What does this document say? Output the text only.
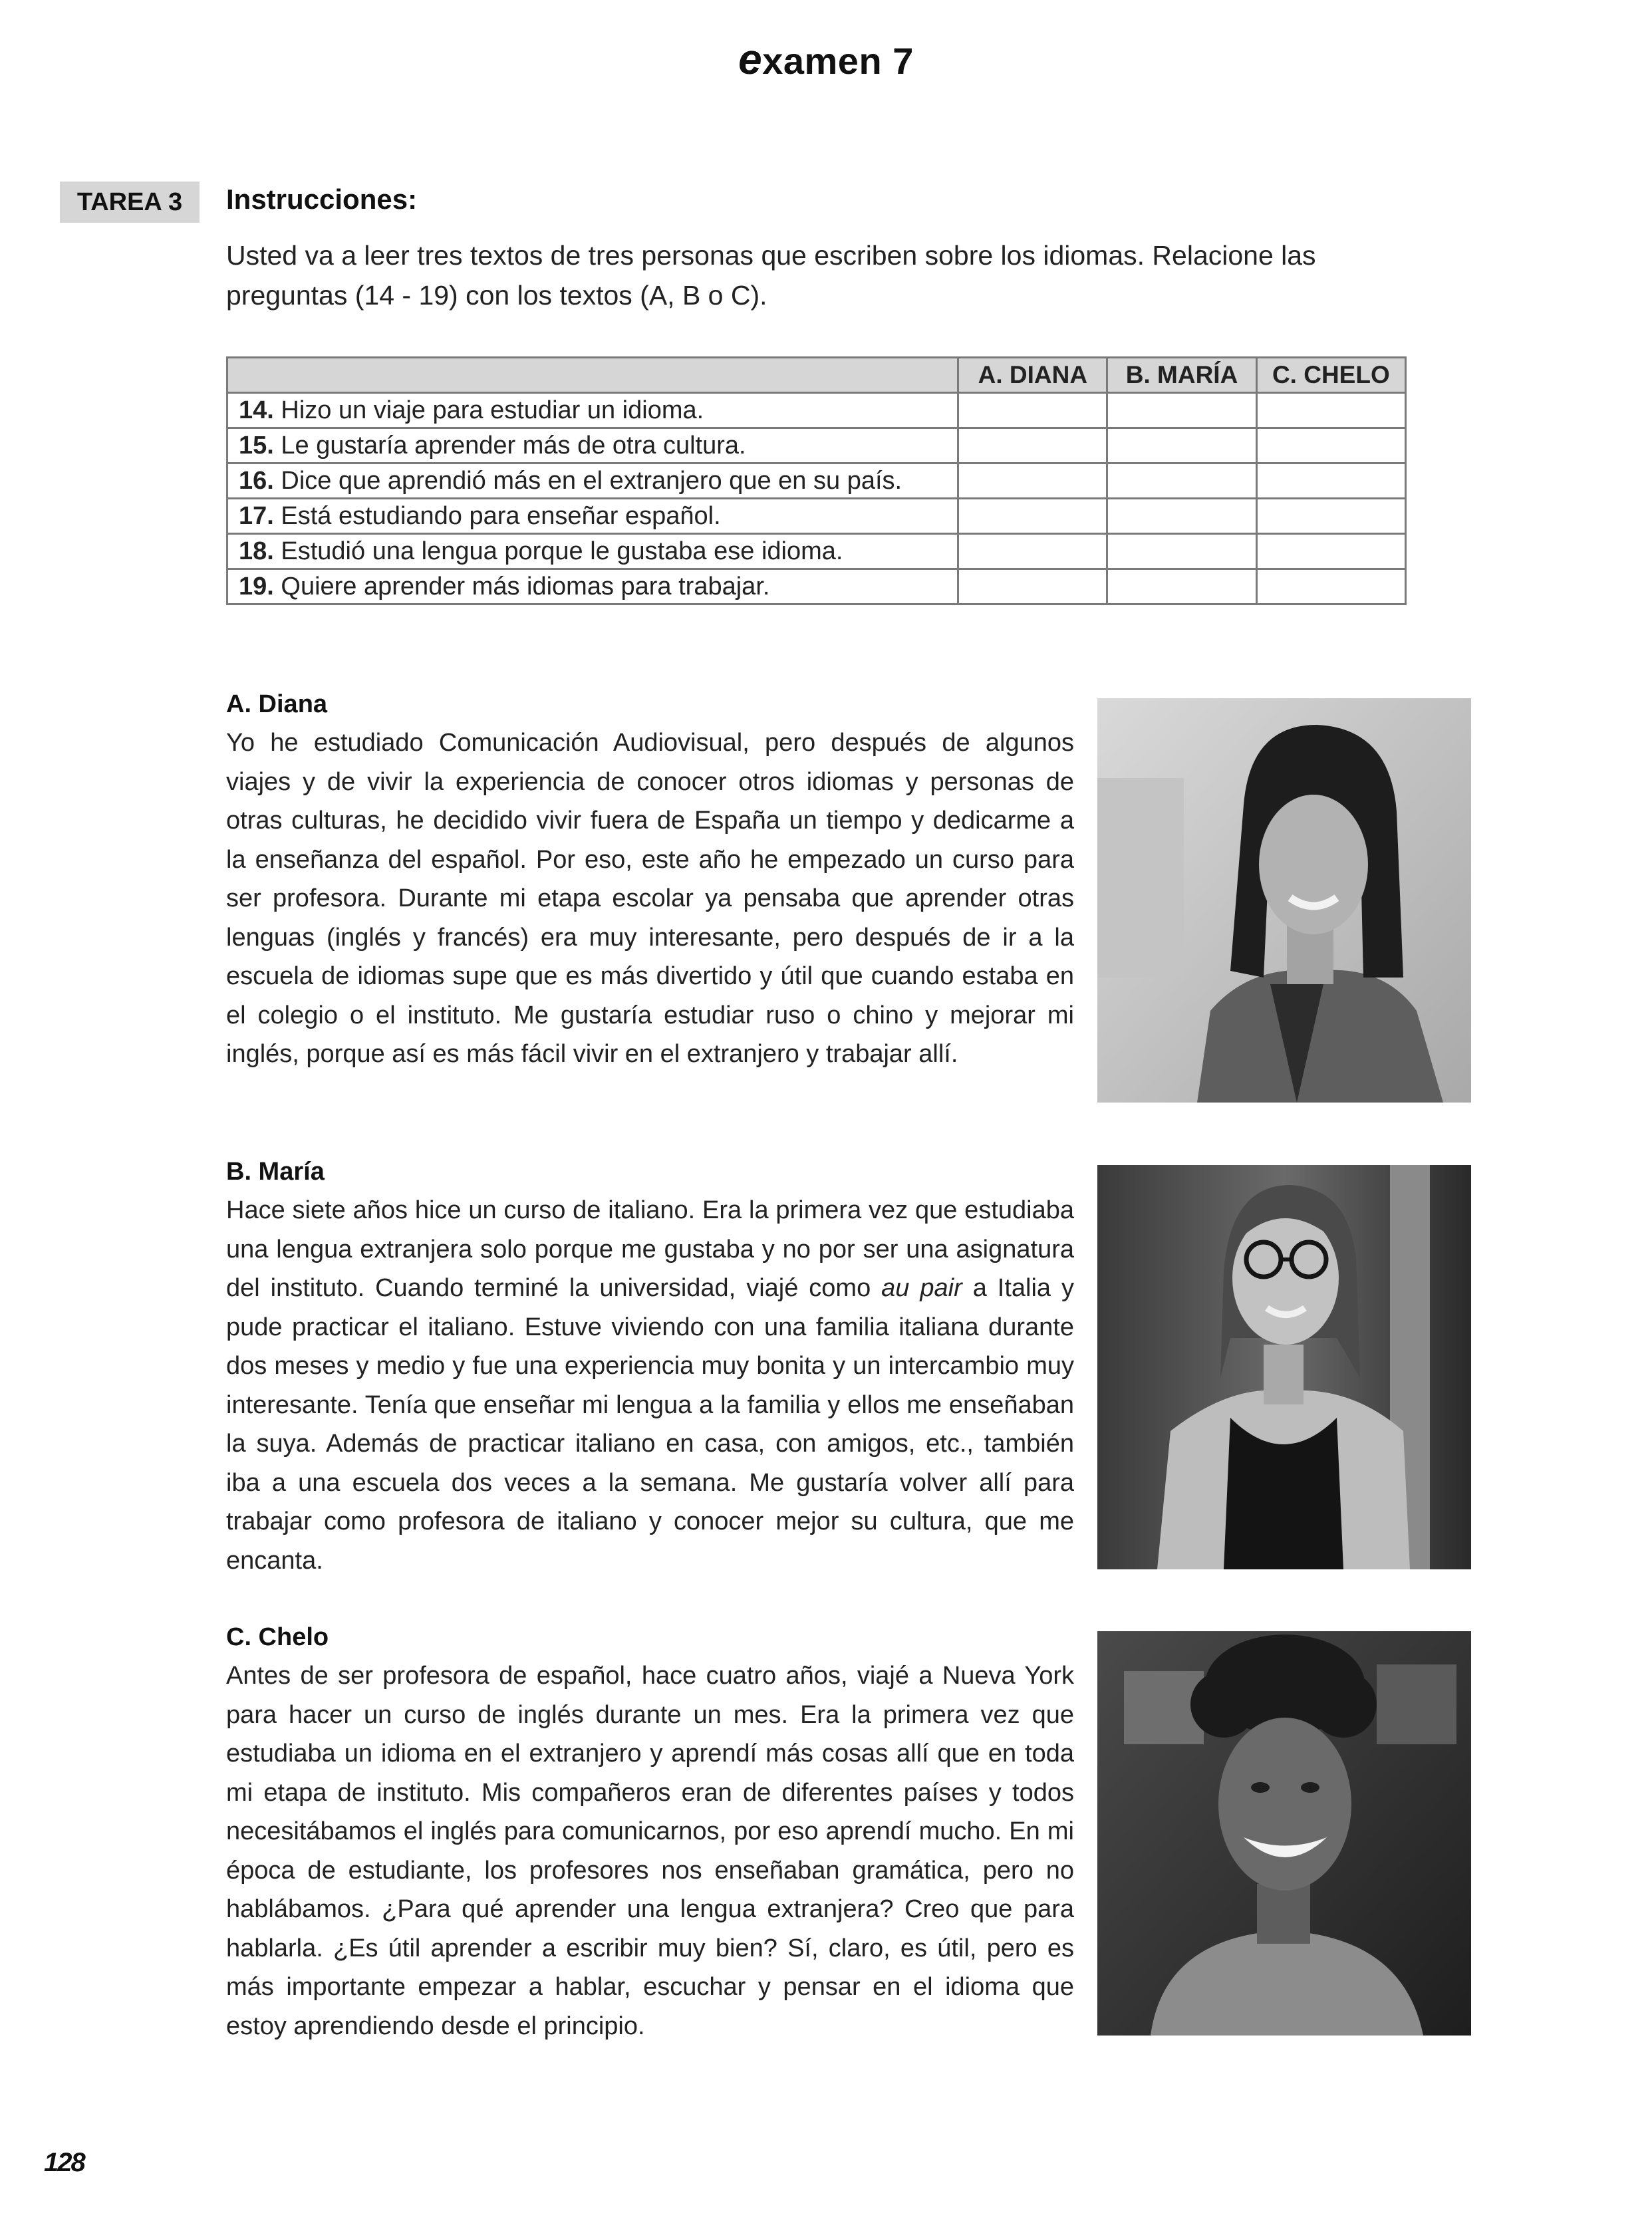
examen 7
TAREA 3	Instrucciones:
Usted va a leer tres textos de tres personas que escriben sobre los idiomas. Relacione las preguntas (14 - 19) con los textos (A, B o C).
	A. DIANA	B. MARÍA	C. CHELO
14. Hizo un viaje para estudiar un idioma.			
15. Le gustaría aprender más de otra cultura.			
16. Dice que aprendió más en el extranjero que en su país.			
17. Está estudiando para enseñar español.			
18. Estudió una lengua porque le gustaba ese idioma.			
19. Quiere aprender más idiomas para trabajar.			
A. Diana

Yo he estudiado Comunicación Audiovisual, pero después de algunos viajes y de vivir la experiencia de conocer otros idiomas y personas de otras culturas, he decidido vivir fuera de España un tiempo y dedicarme a la enseñanza del español. Por eso, este año he empezado un curso para ser profesora. Durante mi etapa escolar ya pensaba que aprender otras lenguas (inglés y francés) era muy interesante, pero después de ir a la escuela de idiomas supe que es más divertido y útil que cuando estaba en el colegio o el instituto. Me gustaría estudiar ruso o chino y mejorar mi inglés, porque así es más fácil vivir en el extranjero y trabajar allí.

B. María

Hace siete años hice un curso de italiano. Era la primera vez que estudiaba una lengua extranjera solo porque me gustaba y no por ser una asignatura del instituto. Cuando terminé la universidad, viajé como au pair a Italia y pude practicar el italiano. Estuve viviendo con una familia italiana durante dos meses y medio y fue una experiencia muy bonita y un intercambio muy interesante. Tenía que enseñar mi lengua a la familia y ellos me enseñaban la suya. Además de practicar italiano en casa, con amigos, etc., también iba a una escuela dos veces a la semana. Me gustaría volver allí para trabajar como profesora de italiano y conocer mejor su cultura, que me encanta.

C. Chelo

Antes de ser profesora de español, hace cuatro años, viajé a Nueva York para hacer un curso de inglés durante un mes. Era la primera vez que estudiaba un idioma en el extranjero y aprendí más cosas allí que en toda mi etapa de instituto. Mis compañeros eran de diferentes países y todos necesitábamos el inglés para comunicarnos, por eso aprendí mucho. En mi época de estudiante, los profesores nos enseñaban gramática, pero no hablábamos. ¿Para qué aprender una lengua extranjera? Creo que para hablarla. ¿Es útil aprender a escribir muy bien? Sí, claro, es útil, pero es más importante empezar a hablar, escuchar y pensar en el idioma que estoy aprendiendo desde el principio.

128
